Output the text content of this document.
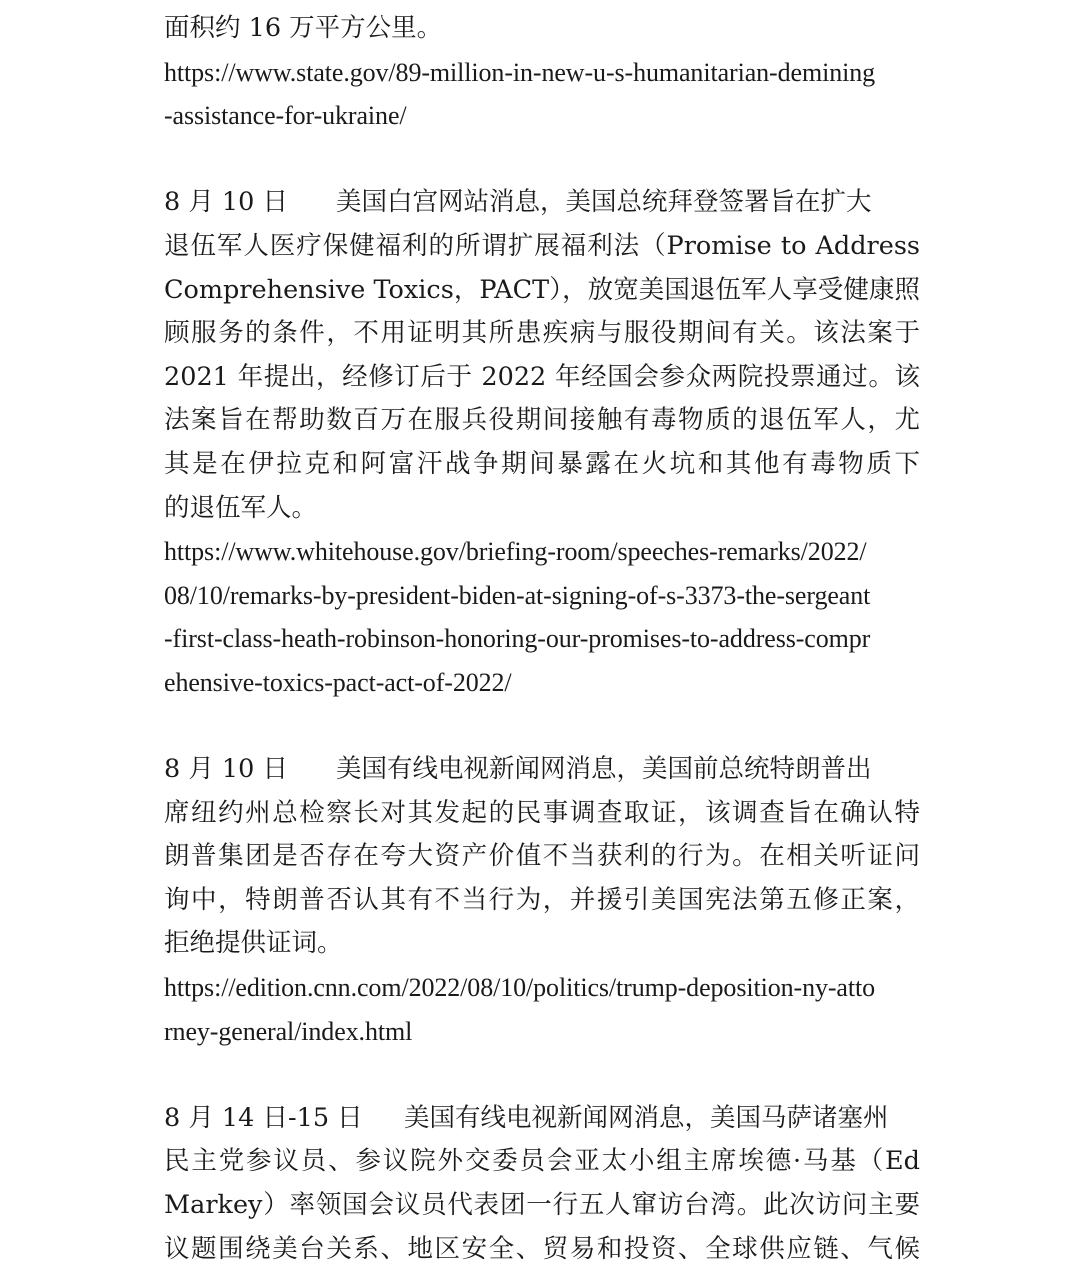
面积约 16 万平方公里。
https://www.state.gov/89-million-in-new-u-s-humanitarian-demining
-assistance-for-ukraine/
8 月 10 日 美国白宫网站消息，美国总统拜登签署旨在扩大
退伍军人医疗保健福利的所谓扩展福利法（Promise to Address
Comprehensive Toxics，PACT），放宽美国退伍军人享受健康照
顾服务的条件，不用证明其所患疾病与服役期间有关。该法案于
2021 年提出，经修订后于 2022 年经国会参众两院投票通过。该
法案旨在帮助数百万在服兵役期间接触有毒物质的退伍军人，尤
其是在伊拉克和阿富汗战争期间暴露在火坑和其他有毒物质下
的退伍军人。
https://www.whitehouse.gov/briefing-room/speeches-remarks/2022/
08/10/remarks-by-president-biden-at-signing-of-s-3373-the-sergeant
-first-class-heath-robinson-honoring-our-promises-to-address-compr
ehensive-toxics-pact-act-of-2022/
8 月 10 日 美国有线电视新闻网消息，美国前总统特朗普出
席纽约州总检察长对其发起的民事调查取证，该调查旨在确认特
朗普集团是否存在夸大资产价值不当获利的行为。在相关听证问
询中，特朗普否认其有不当行为，并援引美国宪法第五修正案，
拒绝提供证词。
https://edition.cnn.com/2022/08/10/politics/trump-deposition-ny-atto
rney-general/index.html
8 月 14 日-15 日 美国有线电视新闻网消息，美国马萨诸塞州
民主党参议员、参议院外交委员会亚太小组主席埃德·马基（Ed
Markey）率领国会议员代表团一行五人窜访台湾。此次访问主要
议题围绕美台关系、地区安全、贸易和投资、全球供应链、气候
